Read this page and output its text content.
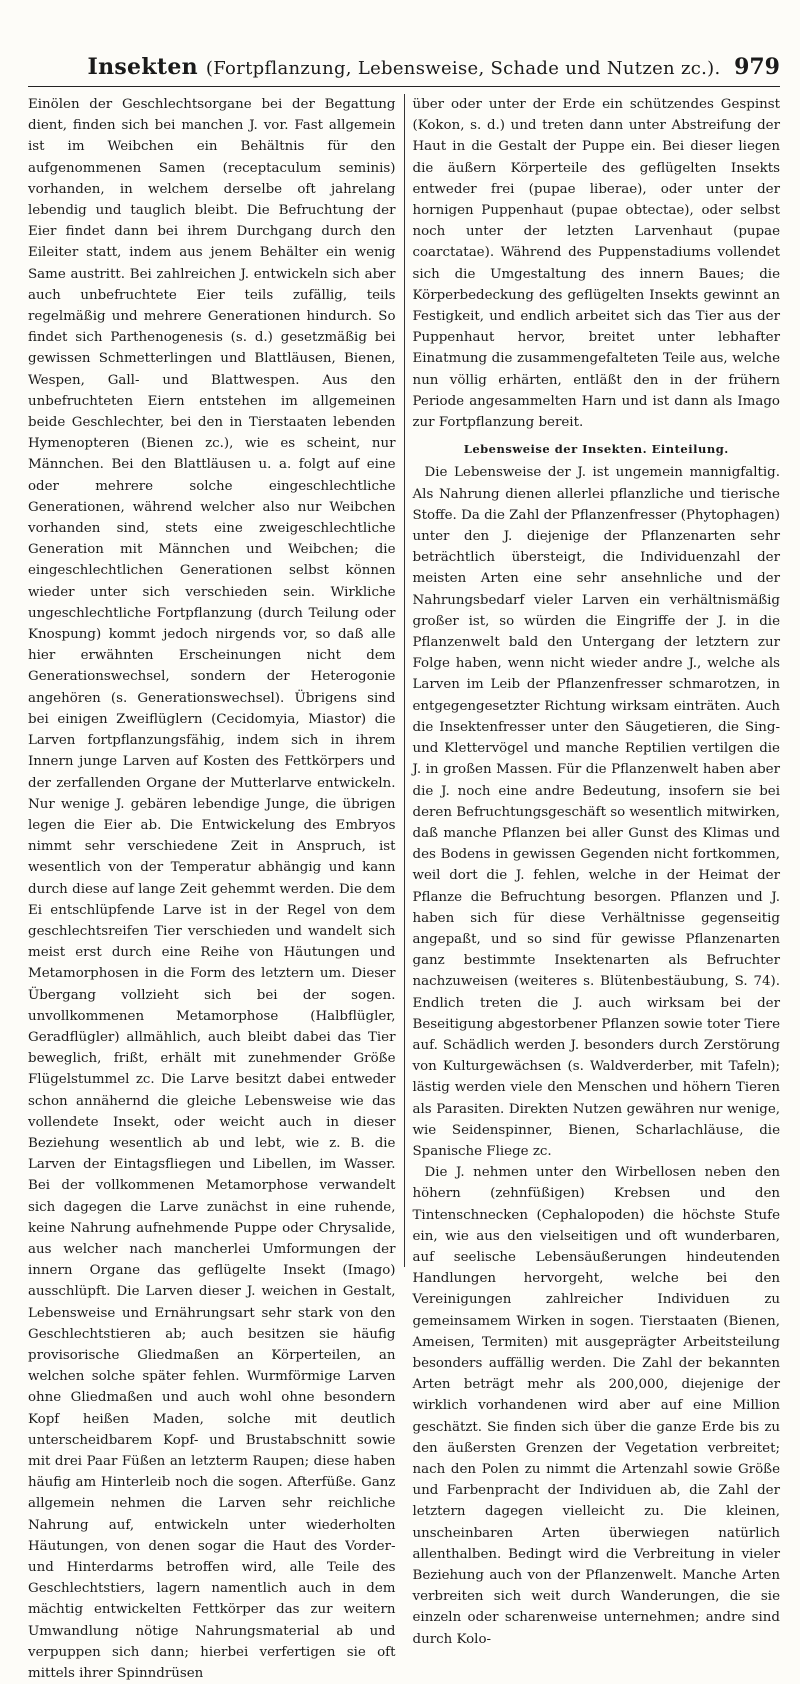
Insekten (Fortpflanzung, Lebensweise, Schade und Nutzen zc.). 979

Einölen der Geschlechtsorgane bei der Begattung dient, finden sich bei manchen J. vor. Fast allgemein ist im Weibchen ein Behältnis für den aufgenommenen Samen (receptaculum seminis) vorhanden, in welchem derselbe oft jahrelang lebendig und tauglich bleibt. Die Befruchtung der Eier findet dann bei ihrem Durchgang durch den Eileiter statt, indem aus jenem Behälter ein wenig Same austritt. Bei zahlreichen J. entwickeln sich aber auch unbefruchtete Eier teils zufällig, teils regelmäßig und mehrere Generationen hindurch. So findet sich Parthenogenesis (s. d.) gesetzmäßig bei gewissen Schmetterlingen und Blattläusen, Bienen, Wespen, Gall- und Blattwespen. Aus den unbefruchteten Eiern entstehen im allgemeinen beide Geschlechter, bei den in Tierstaaten lebenden Hymenopteren (Bienen zc.), wie es scheint, nur Männchen. Bei den Blattläusen u. a. folgt auf eine oder mehrere solche eingeschlechtliche Generationen, während welcher also nur Weibchen vorhanden sind, stets eine zweigeschlechtliche Generation mit Männchen und Weibchen; die eingeschlechtlichen Generationen selbst können wieder unter sich verschieden sein. Wirkliche ungeschlechtliche Fortpflanzung (durch Teilung oder Knospung) kommt jedoch nirgends vor, so daß alle hier erwähnten Erscheinungen nicht dem Generationswechsel, sondern der Heterogonie angehören (s. Generationswechsel). Übrigens sind bei einigen Zweiflüglern (Cecidomyia, Miastor) die Larven fortpflanzungsfähig, indem sich in ihrem Innern junge Larven auf Kosten des Fettkörpers und der zerfallenden Organe der Mutterlarve entwickeln. Nur wenige J. gebären lebendige Junge, die übrigen legen die Eier ab. Die Entwickelung des Embryos nimmt sehr verschiedene Zeit in Anspruch, ist wesentlich von der Temperatur abhängig und kann durch diese auf lange Zeit gehemmt werden. Die dem Ei entschlüpfende Larve ist in der Regel von dem geschlechtsreifen Tier verschieden und wandelt sich meist erst durch eine Reihe von Häutungen und Metamorphosen in die Form des letztern um. Dieser Übergang vollzieht sich bei der sogen. unvollkommenen Metamorphose (Halbflügler, Geradflügler) allmählich, auch bleibt dabei das Tier beweglich, frißt, erhält mit zunehmender Größe Flügelstummel zc. Die Larve besitzt dabei entweder schon annähernd die gleiche Lebensweise wie das vollendete Insekt, oder weicht auch in dieser Beziehung wesentlich ab und lebt, wie z. B. die Larven der Eintagsfliegen und Libellen, im Wasser. Bei der vollkommenen Metamorphose verwandelt sich dagegen die Larve zunächst in eine ruhende, keine Nahrung aufnehmende Puppe oder Chrysalide, aus welcher nach mancherlei Umformungen der innern Organe das geflügelte Insekt (Imago) ausschlüpft. Die Larven dieser J. weichen in Gestalt, Lebensweise und Ernährungsart sehr stark von den Geschlechtstieren ab; auch besitzen sie häufig provisorische Gliedmaßen an Körperteilen, an welchen solche später fehlen. Wurmförmige Larven ohne Gliedmaßen und auch wohl ohne besondern Kopf heißen Maden, solche mit deutlich unterscheidbarem Kopf- und Brustabschnitt sowie mit drei Paar Füßen an letzterm Raupen; diese haben häufig am Hinterleib noch die sogen. Afterfüße. Ganz allgemein nehmen die Larven sehr reichliche Nahrung auf, entwickeln unter wiederholten Häutungen, von denen sogar die Haut des Vorder- und Hinterdarms betroffen wird, alle Teile des Geschlechtstiers, lagern namentlich auch in dem mächtig entwickelten Fettkörper das zur weitern Umwandlung nötige Nahrungsmaterial ab und verpuppen sich dann; hierbei verfertigen sie oft mittels ihrer Spinndrüsen

über oder unter der Erde ein schützendes Gespinst (Kokon, s. d.) und treten dann unter Abstreifung der Haut in die Gestalt der Puppe ein. Bei dieser liegen die äußern Körperteile des geflügelten Insekts entweder frei (pupae liberae), oder unter der hornigen Puppenhaut (pupae obtectae), oder selbst noch unter der letzten Larvenhaut (pupae coarctatae). Während des Puppenstadiums vollendet sich die Umgestaltung des innern Baues; die Körperbedeckung des geflügelten Insekts gewinnt an Festigkeit, und endlich arbeitet sich das Tier aus der Puppenhaut hervor, breitet unter lebhafter Einatmung die zusammengefalteten Teile aus, welche nun völlig erhärten, entläßt den in der frühern Periode angesammelten Harn und ist dann als Imago zur Fortpflanzung bereit.

Lebensweise der Insekten. Einteilung.

Die Lebensweise der J. ist ungemein mannigfaltig. Als Nahrung dienen allerlei pflanzliche und tierische Stoffe. Da die Zahl der Pflanzenfresser (Phytophagen) unter den J. diejenige der Pflanzenarten sehr beträchtlich übersteigt, die Individuenzahl der meisten Arten eine sehr ansehnliche und der Nahrungsbedarf vieler Larven ein verhältnismäßig großer ist, so würden die Eingriffe der J. in die Pflanzenwelt bald den Untergang der letztern zur Folge haben, wenn nicht wieder andre J., welche als Larven im Leib der Pflanzenfresser schmarotzen, in entgegengesetzter Richtung wirksam einträten. Auch die Insektenfresser unter den Säugetieren, die Sing- und Klettervögel und manche Reptilien vertilgen die J. in großen Massen. Für die Pflanzenwelt haben aber die J. noch eine andre Bedeutung, insofern sie bei deren Befruchtungsgeschäft so wesentlich mitwirken, daß manche Pflanzen bei aller Gunst des Klimas und des Bodens in gewissen Gegenden nicht fortkommen, weil dort die J. fehlen, welche in der Heimat der Pflanze die Befruchtung besorgen. Pflanzen und J. haben sich für diese Verhältnisse gegenseitig angepaßt, und so sind für gewisse Pflanzenarten ganz bestimmte Insektenarten als Befruchter nachzuweisen (weiteres s. Blütenbestäubung, S. 74). Endlich treten die J. auch wirksam bei der Beseitigung abgestorbener Pflanzen sowie toter Tiere auf. Schädlich werden J. besonders durch Zerstörung von Kulturgewächsen (s. Waldverderber, mit Tafeln); lästig werden viele den Menschen und höhern Tieren als Parasiten. Direkten Nutzen gewähren nur wenige, wie Seidenspinner, Bienen, Scharlachläuse, die Spanische Fliege zc.

Die J. nehmen unter den Wirbellosen neben den höhern (zehnfüßigen) Krebsen und den Tintenschnecken (Cephalopoden) die höchste Stufe ein, wie aus den vielseitigen und oft wunderbaren, auf seelische Lebensäußerungen hindeutenden Handlungen hervorgeht, welche bei den Vereinigungen zahlreicher Individuen zu gemeinsamem Wirken in sogen. Tierstaaten (Bienen, Ameisen, Termiten) mit ausgeprägter Arbeitsteilung besonders auffällig werden. Die Zahl der bekannten Arten beträgt mehr als 200,000, diejenige der wirklich vorhandenen wird aber auf eine Million geschätzt. Sie finden sich über die ganze Erde bis zu den äußersten Grenzen der Vegetation verbreitet; nach den Polen zu nimmt die Artenzahl sowie Größe und Farbenpracht der Individuen ab, die Zahl der letztern dagegen vielleicht zu. Die kleinen, unscheinbaren Arten überwiegen natürlich allenthalben. Bedingt wird die Verbreitung in vieler Beziehung auch von der Pflanzenwelt. Manche Arten verbreiten sich weit durch Wanderungen, die sie einzeln oder scharenweise unternehmen; andre sind durch Kolo-
